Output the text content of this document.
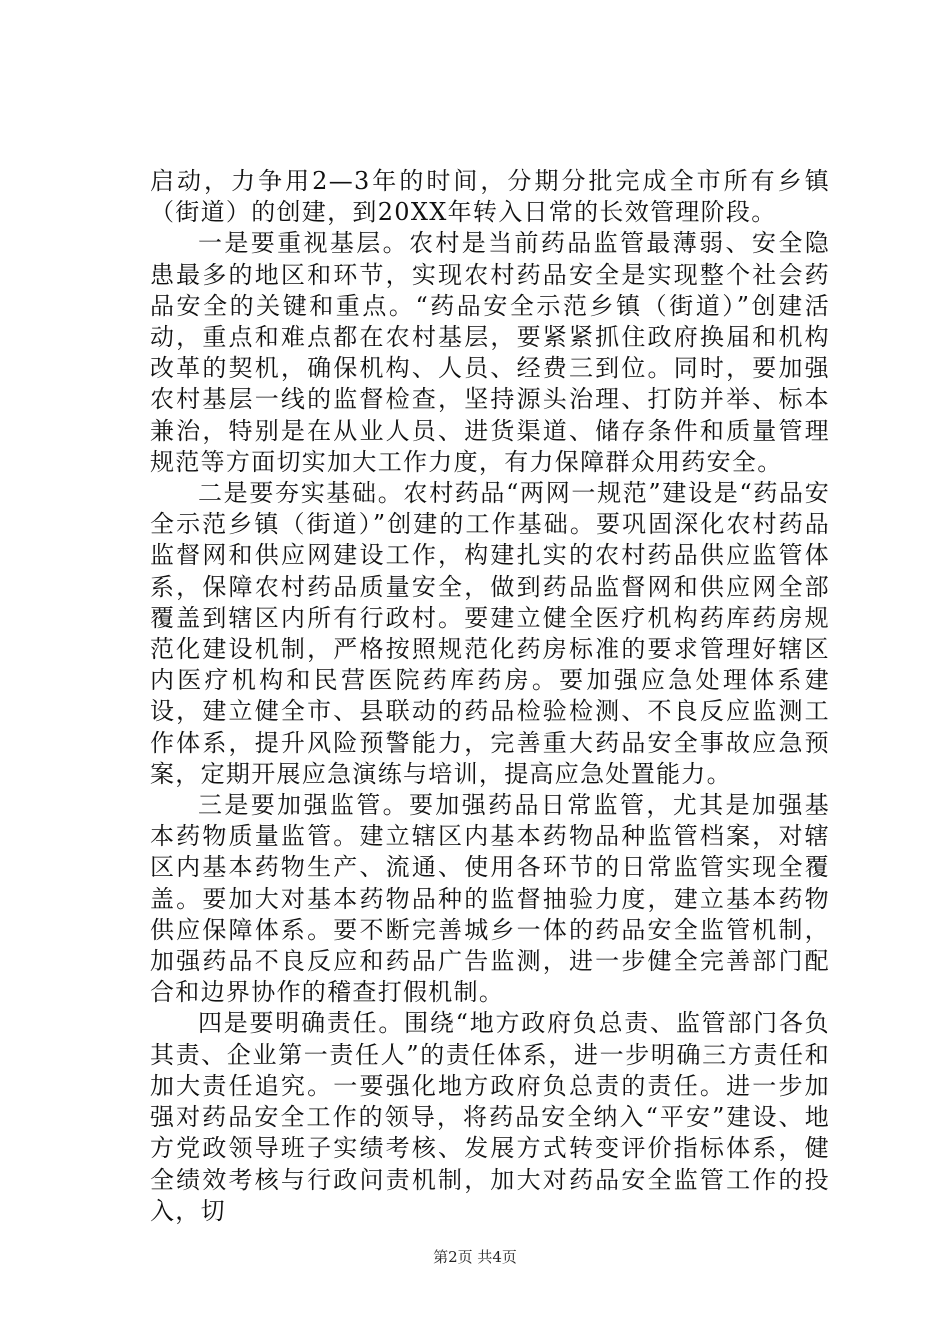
启动，力争用2—3年的时间，分期分批完成全市所有乡镇（街道）的创建，到20XX年转入日常的长效管理阶段。

一是要重视基层。农村是当前药品监管最薄弱、安全隐患最多的地区和环节，实现农村药品安全是实现整个社会药品安全的关键和重点。“药品安全示范乡镇（街道）”创建活动，重点和难点都在农村基层，要紧紧抓住政府换届和机构改革的契机，确保机构、人员、经费三到位。同时，要加强农村基层一线的监督检查，坚持源头治理、打防并举、标本兼治，特别是在从业人员、进货渠道、储存条件和质量管理规范等方面切实加大工作力度，有力保障群众用药安全。

二是要夯实基础。农村药品“两网一规范”建设是“药品安全示范乡镇（街道）”创建的工作基础。要巩固深化农村药品监督网和供应网建设工作，构建扎实的农村药品供应监管体系，保障农村药品质量安全，做到药品监督网和供应网全部覆盖到辖区内所有行政村。要建立健全医疗机构药库药房规范化建设机制，严格按照规范化药房标准的要求管理好辖区内医疗机构和民营医院药库药房。要加强应急处理体系建设，建立健全市、县联动的药品检验检测、不良反应监测工作体系，提升风险预警能力，完善重大药品安全事故应急预案，定期开展应急演练与培训，提高应急处置能力。

三是要加强监管。要加强药品日常监管，尤其是加强基本药物质量监管。建立辖区内基本药物品种监管档案，对辖区内基本药物生产、流通、使用各环节的日常监管实现全覆盖。要加大对基本药物品种的监督抽验力度，建立基本药物供应保障体系。要不断完善城乡一体的药品安全监管机制，加强药品不良反应和药品广告监测，进一步健全完善部门配合和边界协作的稽查打假机制。

四是要明确责任。围绕“地方政府负总责、监管部门各负其责、企业第一责任人”的责任体系，进一步明确三方责任和加大责任追究。一要强化地方政府负总责的责任。进一步加强对药品安全工作的领导，将药品安全纳入“平安”建设、地方党政领导班子实绩考核、发展方式转变评价指标体系，健全绩效考核与行政问责机制，加大对药品安全监管工作的投入，切

第2页 共4页
